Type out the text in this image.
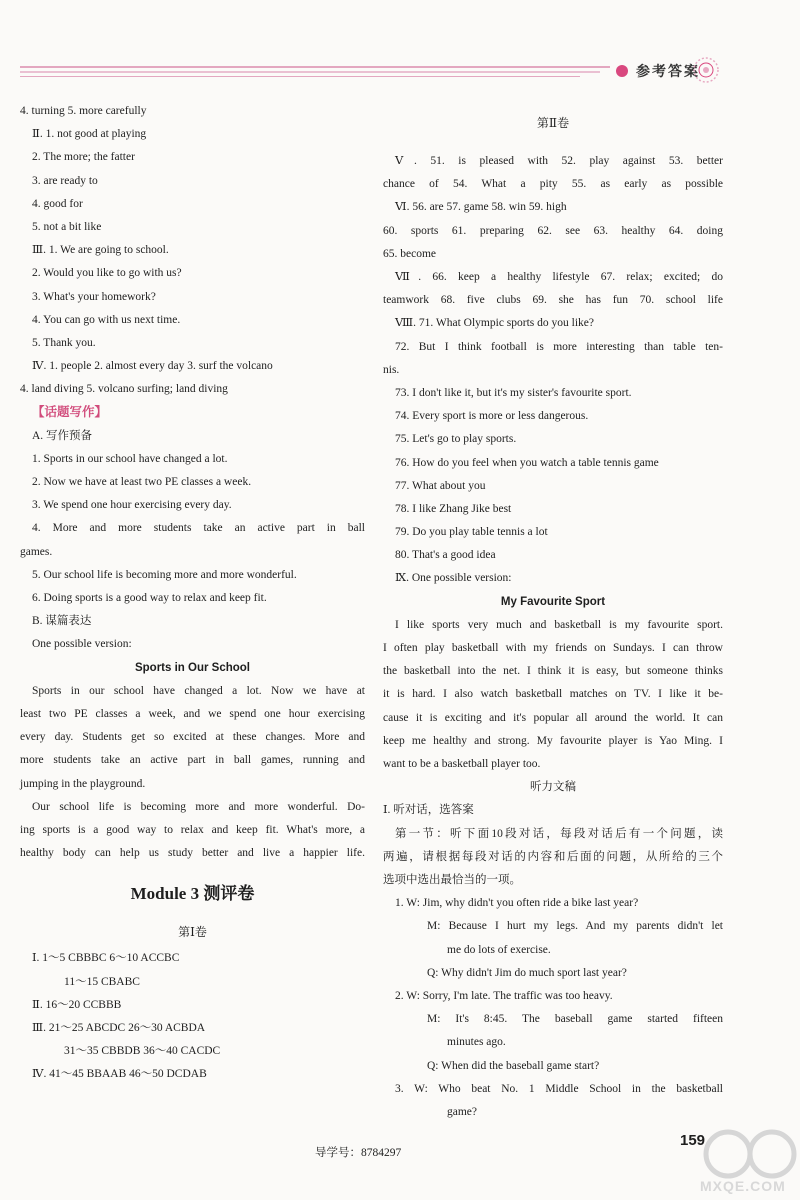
参考答案
4. turning 5. more carefully
Ⅱ. 1. not good at playing
2. The more; the fatter
3. are ready to
4. good for
5. not a bit like
Ⅲ. 1. We are going to school.
2. Would you like to go with us?
3. What's your homework?
4. You can go with us next time.
5. Thank you.
Ⅳ. 1. people 2. almost every day 3. surf the volcano
4. land diving 5. volcano surfing; land diving
【话题写作】
A. 写作预备
1. Sports in our school have changed a lot.
2. Now we have at least two PE classes a week.
3. We spend one hour exercising every day.
4. More and more students take an active part in ball
games.
5. Our school life is becoming more and more wonderful.
6. Doing sports is a good way to relax and keep fit.
B. 谋篇表达
One possible version:
Sports in Our School
Sports in our school have changed a lot. Now we have at
least two PE classes a week, and we spend one hour exercising
every day. Students get so excited at these changes. More and
more students take an active part in ball games, running and
jumping in the playground.
Our school life is becoming more and more wonderful. Do-
ing sports is a good way to relax and keep fit. What's more, a
healthy body can help us study better and live a happier life.
Module 3 测评卷
第Ⅰ卷
Ⅰ. 1～5 CBBBC 6～10 ACCBC
11～15 CBABC
Ⅱ. 16～20 CCBBB
Ⅲ. 21～25 ABCDC 26～30 ACBDA
31～35 CBBDB 36～40 CACDC
Ⅳ. 41～45 BBAAB 46～50 DCDAB
第Ⅱ卷
Ⅴ. 51. is pleased with 52. play against 53. better
chance of 54. What a pity 55. as early as possible
Ⅵ. 56. are 57. game 58. win 59. high
60. sports 61. preparing 62. see 63. healthy 64. doing
65. become
Ⅶ. 66. keep a healthy lifestyle 67. relax; excited; do
teamwork 68. five clubs 69. she has fun 70. school life
Ⅷ. 71. What Olympic sports do you like?
72. But I think football is more interesting than table ten-
nis.
73. I don't like it, but it's my sister's favourite sport.
74. Every sport is more or less dangerous.
75. Let's go to play sports.
76. How do you feel when you watch a table tennis game
77. What about you
78. I like Zhang Jike best
79. Do you play table tennis a lot
80. That's a good idea
Ⅸ. One possible version:
My Favourite Sport
I like sports very much and basketball is my favourite sport.
I often play basketball with my friends on Sundays. I can throw
the basketball into the net. I think it is easy, but someone thinks
it is hard. I also watch basketball matches on TV. I like it be-
cause it is exciting and it's popular all around the world. It can
keep me healthy and strong. My favourite player is Yao Ming. I
want to be a basketball player too.
听力文稿
Ⅰ. 听对话，选答案
第一节：听下面10段对话，每段对话后有一个问题，读
两遍，请根据每段对话的内容和后面的问题，从所给的三个
选项中选出最恰当的一项。
1. W: Jim, why didn't you often ride a bike last year?
M: Because I hurt my legs. And my parents didn't let
me do lots of exercise.
Q: Why didn't Jim do much sport last year?
2. W: Sorry, I'm late. The traffic was too heavy.
M: It's 8:45. The baseball game started fifteen
minutes ago.
Q: When did the baseball game start?
3. W: Who beat No. 1 Middle School in the basketball
game?
导学号：8784297
159
MXQE.COM
